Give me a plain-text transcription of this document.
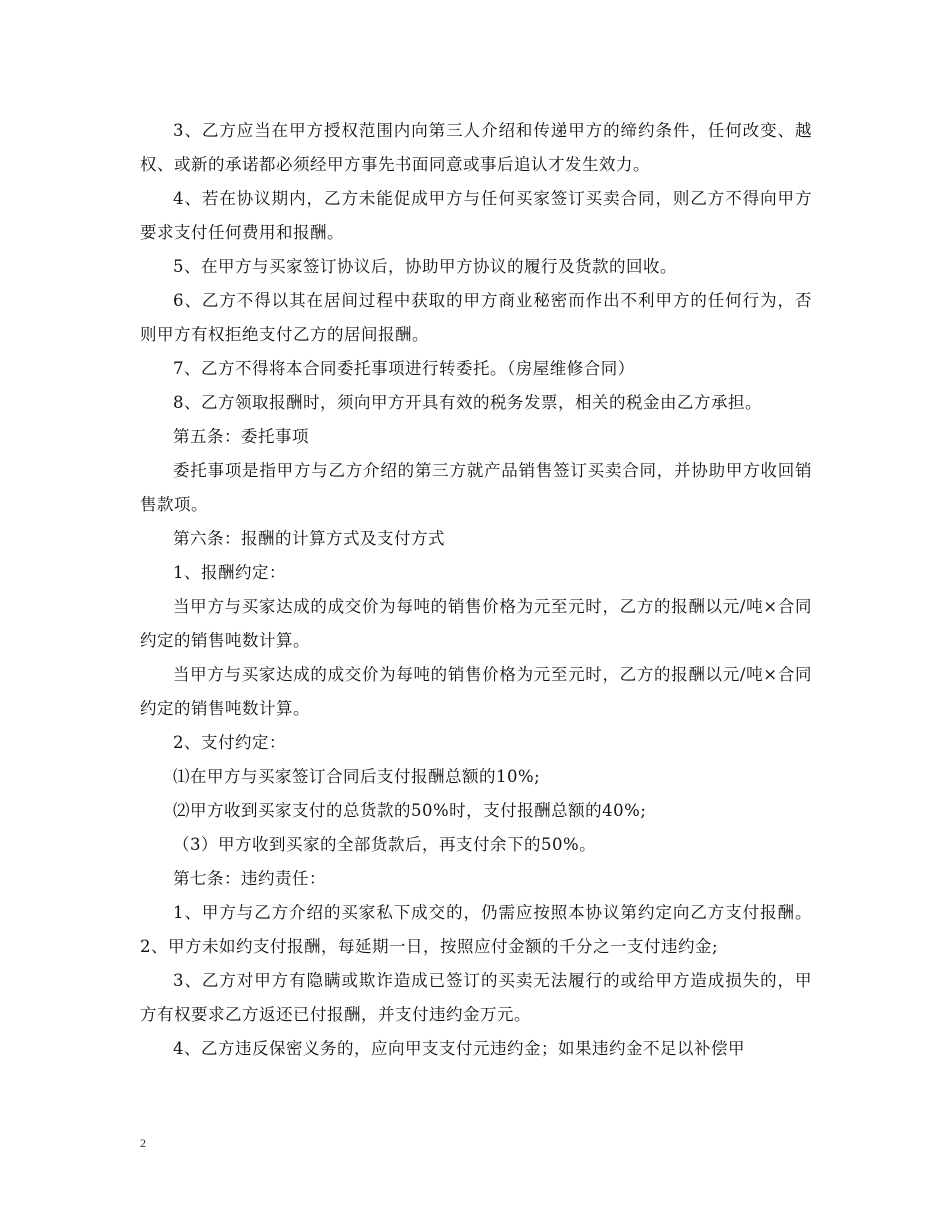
3、乙方应当在甲方授权范围内向第三人介绍和传递甲方的缔约条件，任何改变、越权、或新的承诺都必须经甲方事先书面同意或事后追认才发生效力。

4、若在协议期内，乙方未能促成甲方与任何买家签订买卖合同，则乙方不得向甲方要求支付任何费用和报酬。

5、在甲方与买家签订协议后，协助甲方协议的履行及货款的回收。

6、乙方不得以其在居间过程中获取的甲方商业秘密而作出不利甲方的任何行为，否则甲方有权拒绝支付乙方的居间报酬。

7、乙方不得将本合同委托事项进行转委托。（房屋维修合同）

8、乙方领取报酬时，须向甲方开具有效的税务发票，相关的税金由乙方承担。

第五条：委托事项

委托事项是指甲方与乙方介绍的第三方就产品销售签订买卖合同，并协助甲方收回销售款项。

第六条：报酬的计算方式及支付方式

1、报酬约定：

当甲方与买家达成的成交价为每吨的销售价格为元至元时，乙方的报酬以元/吨×合同约定的销售吨数计算。

当甲方与买家达成的成交价为每吨的销售价格为元至元时，乙方的报酬以元/吨×合同约定的销售吨数计算。

2、支付约定：

⑴在甲方与买家签订合同后支付报酬总额的10%;

⑵甲方收到买家支付的总货款的50%时，支付报酬总额的40%;

（3）甲方收到买家的全部货款后，再支付余下的50%。

第七条：违约责任：

1、甲方与乙方介绍的买家私下成交的，仍需应按照本协议第约定向乙方支付报酬。2、甲方未如约支付报酬，每延期一日，按照应付金额的千分之一支付违约金;

3、乙方对甲方有隐瞒或欺诈造成已签订的买卖无法履行的或给甲方造成损失的，甲方有权要求乙方返还已付报酬，并支付违约金万元。

4、乙方违反保密义务的，应向甲支支付元违约金；如果违约金不足以补偿甲

2
